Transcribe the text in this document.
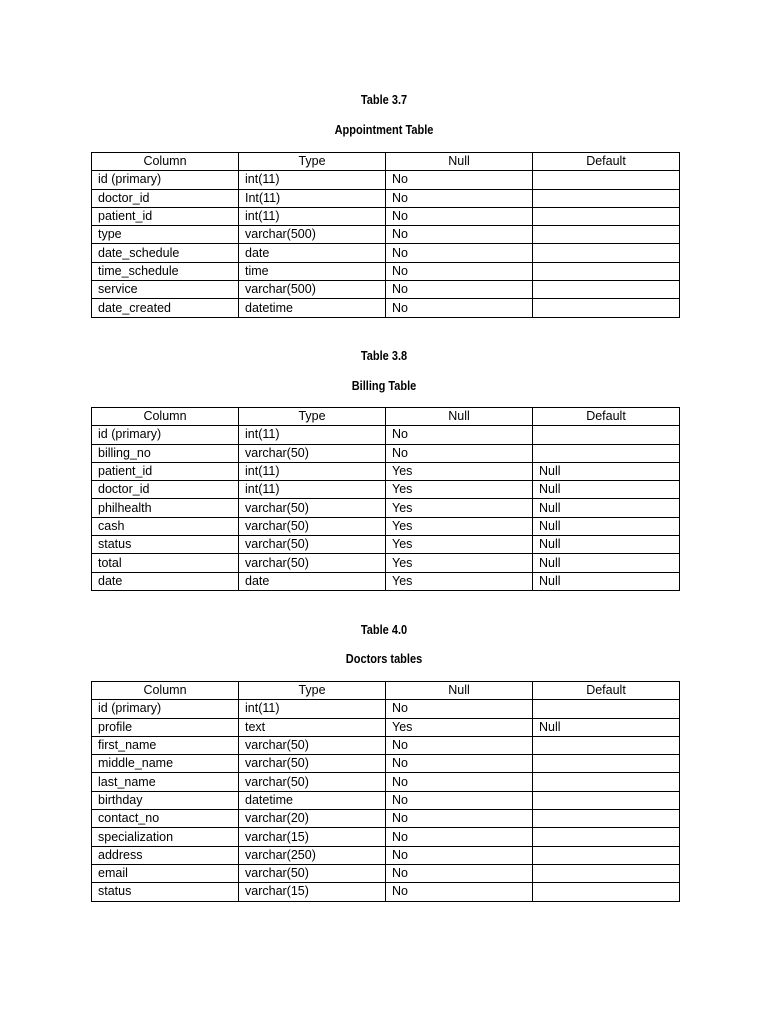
Table 3.7
Appointment Table
Column	Type	Null	Default
id (primary)	int(11)	No	
doctor_id	Int(11)	No	
patient_id	int(11)	No	
type	varchar(500)	No	
date_schedule	date	No	
time_schedule	time	No	
service	varchar(500)	No	
date_created	datetime	No	
Table 3.8
Billing Table
Column	Type	Null	Default
id (primary)	int(11)	No	
billing_no	varchar(50)	No	
patient_id	int(11)	Yes	Null
doctor_id	int(11)	Yes	Null
philhealth	varchar(50)	Yes	Null
cash	varchar(50)	Yes	Null
status	varchar(50)	Yes	Null
total	varchar(50)	Yes	Null
date	date	Yes	Null
Table 4.0
Doctors tables
Column	Type	Null	Default
id (primary)	int(11)	No	
profile	text	Yes	Null
first_name	varchar(50)	No	
middle_name	varchar(50)	No	
last_name	varchar(50)	No	
birthday	datetime	No	
contact_no	varchar(20)	No	
specialization	varchar(15)	No	
address	varchar(250)	No	
email	varchar(50)	No	
status	varchar(15)	No	
